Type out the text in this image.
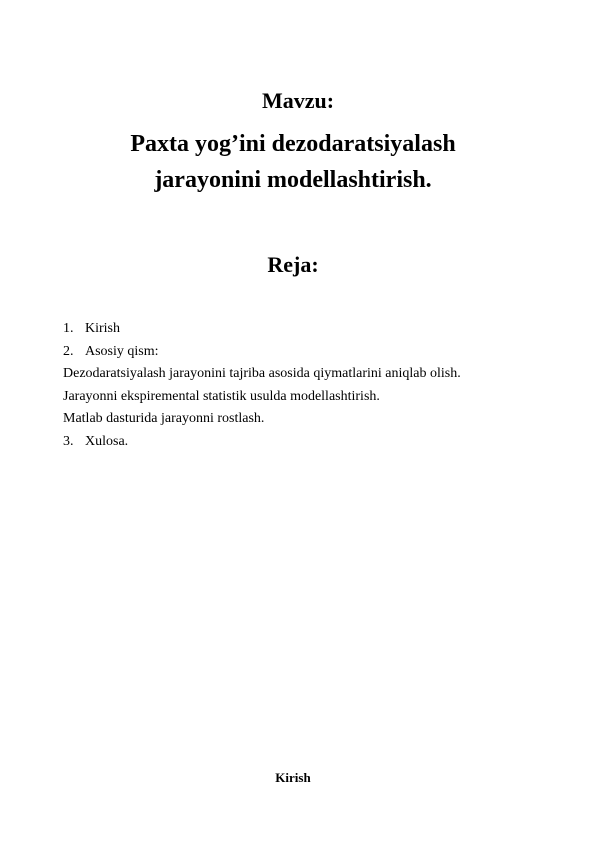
Mavzu:
Paxta yog’ini dezodaratsiyalash
jarayonini modellashtirish.
Reja:
1. Kirish
2. Asosiy qism:
Dezodaratsiyalash jarayonini tajriba asosida qiymatlarini aniqlab olish.
Jarayonni ekspiremental statistik usulda modellashtirish.
Matlab dasturida jarayonni rostlash.
3. Xulosa.
Kirish
